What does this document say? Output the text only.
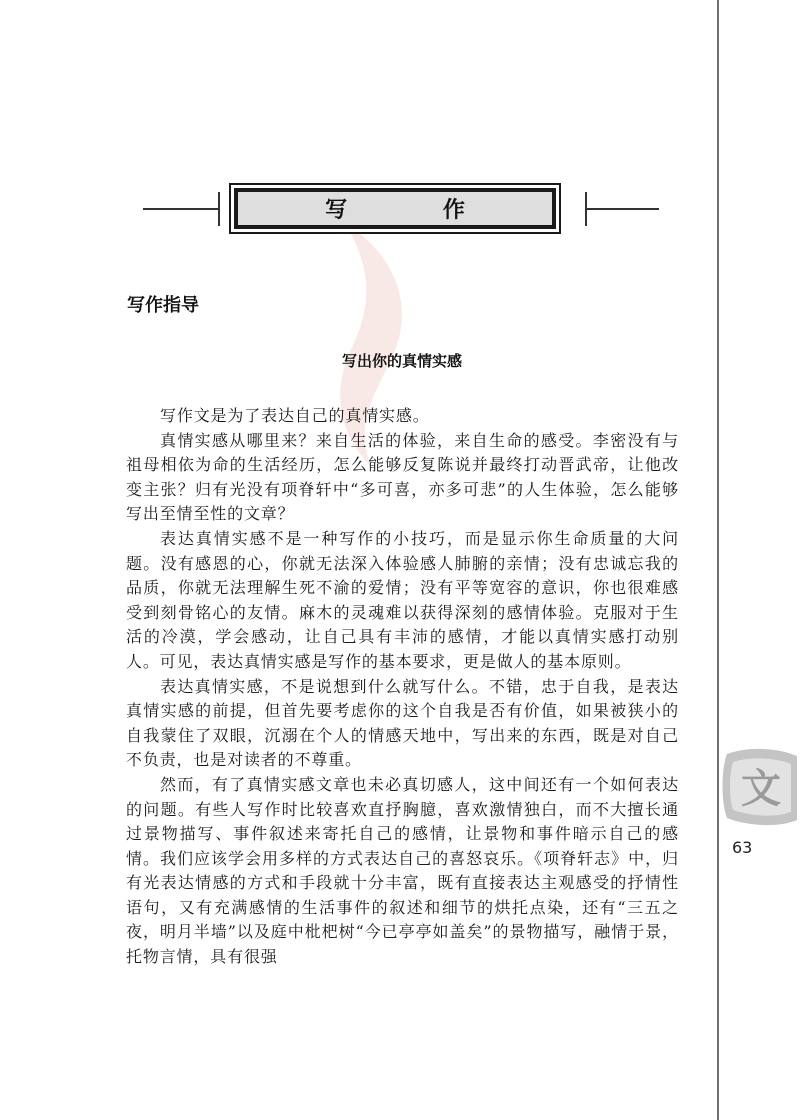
写 作
写作指导
写出你的真情实感

写作文是为了表达自己的真情实感。

真情实感从哪里来？来自生活的体验，来自生命的感受。李密没有与祖母相依为命的生活经历，怎么能够反复陈说并最终打动晋武帝，让他改变主张？归有光没有项脊轩中“多可喜，亦多可悲”的人生体验，怎么能够写出至情至性的文章？

表达真情实感不是一种写作的小技巧，而是显示你生命质量的大问题。没有感恩的心，你就无法深入体验感人肺腑的亲情；没有忠诚忘我的品质，你就无法理解生死不渝的爱情；没有平等宽容的意识，你也很难感受到刻骨铭心的友情。麻木的灵魂难以获得深刻的感情体验。克服对于生活的冷漠，学会感动，让自己具有丰沛的感情，才能以真情实感打动别人。可见，表达真情实感是写作的基本要求，更是做人的基本原则。

表达真情实感，不是说想到什么就写什么。不错，忠于自我，是表达真情实感的前提，但首先要考虑你的这个自我是否有价值，如果被狭小的自我蒙住了双眼，沉溺在个人的情感天地中，写出来的东西，既是对自己不负责，也是对读者的不尊重。

然而，有了真情实感文章也未必真切感人，这中间还有一个如何表达的问题。有些人写作时比较喜欢直抒胸臆，喜欢激情独白，而不大擅长通过景物描写、事件叙述来寄托自己的感情，让景物和事件暗示自己的感情。我们应该学会用多样的方式表达自己的喜怒哀乐。《项脊轩志》中，归有光表达情感的方式和手段就十分丰富，既有直接表达主观感受的抒情性语句，又有充满感情的生活事件的叙述和细节的烘托点染，还有“三五之夜，明月半墙”以及庭中枇杷树“今已亭亭如盖矣”的景物描写，融情于景，托物言情，具有很强

文
63
